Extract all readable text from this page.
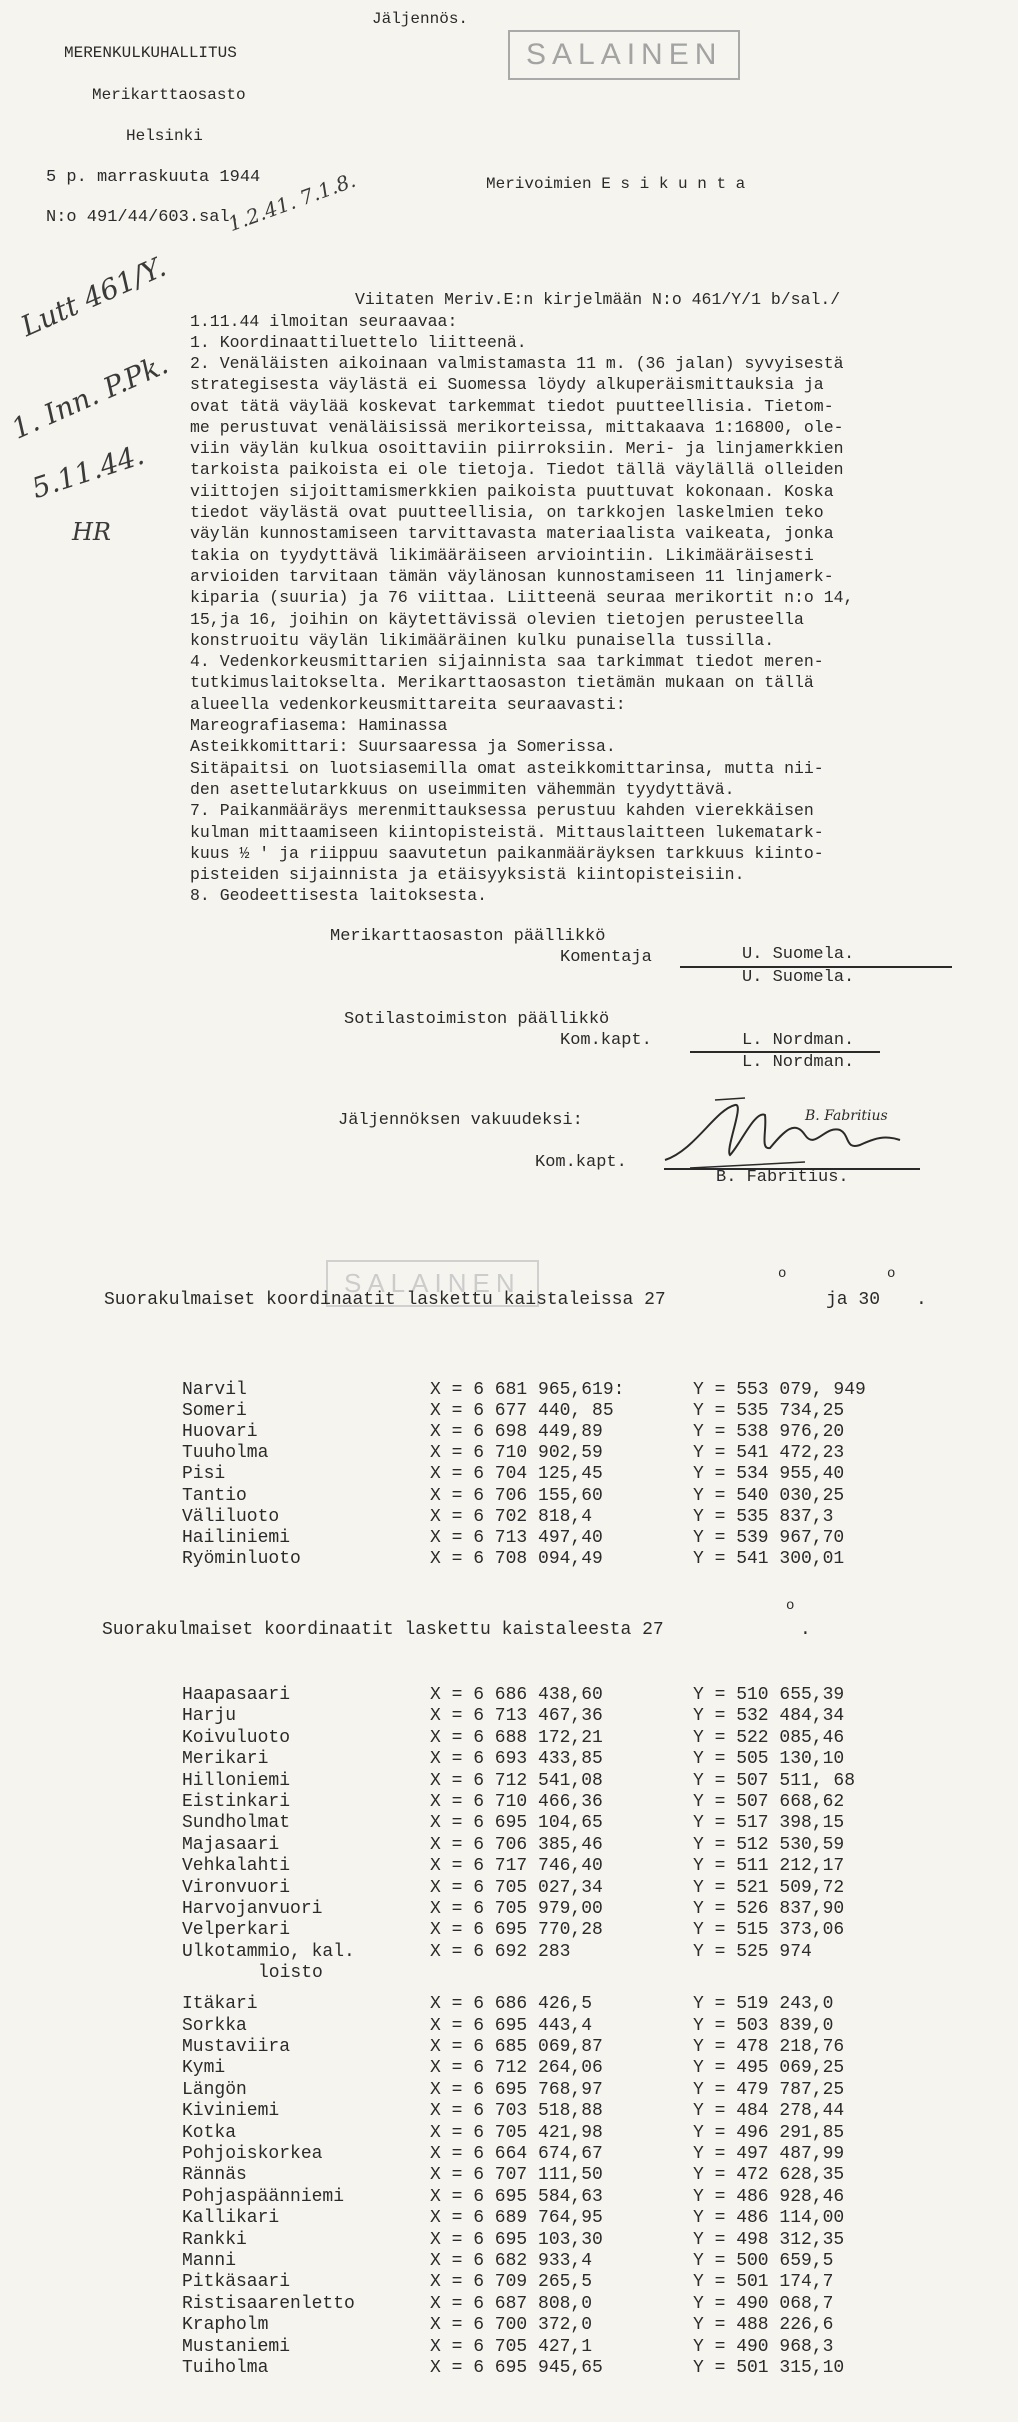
Jäljennös.
SALAINEN
MERENKULKUHALLITUS
Merikarttaosasto
Helsinki
5 p. marraskuuta 1944	Merivoimien E s i k u n t a
N:o 491/44/603.sal.
Lutt 461/Y.
1.2.41. 7.1.8.
1. Inn. P.Pk.
5.11.44.
HR
Viitaten Meriv.E:n kirjelmään N:o 461/Y/1 b/sal./
1.11.44 ilmoitan seuraavaa:
1. Koordinaattiluettelo liitteenä.
2. Venäläisten aikoinaan valmistamasta 11 m. (36 jalan) syvyisestä
strategisesta väylästä ei Suomessa löydy alkuperäismittauksia ja
ovat tätä väylää koskevat tarkemmat tiedot puutteellisia. Tietom-
me perustuvat venäläisissä merikorteissa, mittakaava 1:16800, ole-
viin väylän kulkua osoittaviin piirroksiin. Meri- ja linjamerkkien
tarkoista paikoista ei ole tietoja. Tiedot tällä väylällä olleiden
viittojen sijoittamismerkkien paikoista puuttuvat kokonaan. Koska
tiedot väylästä ovat puutteellisia, on tarkkojen laskelmien teko
väylän kunnostamiseen tarvittavasta materiaalista vaikeata, jonka
takia on tyydyttävä likimääräiseen arviointiin. Likimääräisesti
arvioiden tarvitaan tämän väylänosan kunnostamiseen 11 linjamerk-
kiparia (suuria) ja 76 viittaa. Liitteenä seuraa merikortit n:o 14,
15,ja 16, joihin on käytettävissä olevien tietojen perusteella
konstruoitu väylän likimääräinen kulku punaisella tussilla.
4. Vedenkorkeusmittarien sijainnista saa tarkimmat tiedot meren-
tutkimuslaitokselta. Merikarttaosaston tietämän mukaan on tällä
alueella vedenkorkeusmittareita seuraavasti:
Mareografiasema: Haminassa
Asteikkomittari: Suursaaressa ja Somerissa.
Sitäpaitsi on luotsiasemilla omat asteikkomittarinsa, mutta nii-
den asettelutarkkuus on useimmiten vähemmän tyydyttävä.
7. Paikanmääräys merenmittauksessa perustuu kahden vierekkäisen
kulman mittaamiseen kiintopisteistä. Mittauslaitteen lukematark-
kuus ½ ' ja riippuu saavutetun paikanmääräyksen tarkkuus kiinto-
pisteiden sijainnista ja etäisyyksistä kiintopisteisiin.
8. Geodeettisesta laitoksesta.
Merikarttaosaston päällikkö
Komentaja	U. Suomela.
U. Suomela.
Sotilastoimiston päällikkö
Kom.kapt.	L. Nordman.
L. Nordman.
Jäljennöksen vakuudeksi:
Kom.kapt.
B. Fabritius
B. Fabritius.
SALAINEN
Suorakulmaiset koordinaatit laskettu kaistaleissa 27
o
ja 30
o
.
Narvil	X = 6 681 965,619:	Y = 553 079, 949
Someri	X = 6 677 440, 85	Y = 535 734,25
Huovari	X = 6 698 449,89	Y = 538 976,20
Tuuholma	X = 6 710 902,59	Y = 541 472,23
Pisi	X = 6 704 125,45	Y = 534 955,40
Tantio	X = 6 706 155,60	Y = 540 030,25
Väliluoto	X = 6 702 818,4	Y = 535 837,3
Hailiniemi	X = 6 713 497,40	Y = 539 967,70
Ryöminluoto	X = 6 708 094,49	Y = 541 300,01
Suorakulmaiset koordinaatit laskettu kaistaleesta 27
o
.
Haapasaari	X = 6 686 438,60	Y = 510 655,39
Harju	X = 6 713 467,36	Y = 532 484,34
Koivuluoto	X = 6 688 172,21	Y = 522 085,46
Merikari	X = 6 693 433,85	Y = 505 130,10
Hilloniemi	X = 6 712 541,08	Y = 507 511, 68
Eistinkari	X = 6 710 466,36	Y = 507 668,62
Sundholmat	X = 6 695 104,65	Y = 517 398,15
Majasaari	X = 6 706 385,46	Y = 512 530,59
Vehkalahti	X = 6 717 746,40	Y = 511 212,17
Vironvuori	X = 6 705 027,34	Y = 521 509,72
Harvojanvuori	X = 6 705 979,00	Y = 526 837,90
Velperkari	X = 6 695 770,28	Y = 515 373,06
Ulkotammio, kal.	X = 6 692 283	Y = 525 974
loisto
Itäkari	X = 6 686 426,5	Y = 519 243,0
Sorkka	X = 6 695 443,4	Y = 503 839,0
Mustaviira	X = 6 685 069,87	Y = 478 218,76
Kymi	X = 6 712 264,06	Y = 495 069,25
Längön	X = 6 695 768,97	Y = 479 787,25
Kiviniemi	X = 6 703 518,88	Y = 484 278,44
Kotka	X = 6 705 421,98	Y = 496 291,85
Pohjoiskorkea	X = 6 664 674,67	Y = 497 487,99
Rännäs	X = 6 707 111,50	Y = 472 628,35
Pohjaspäänniemi	X = 6 695 584,63	Y = 486 928,46
Kallikari	X = 6 689 764,95	Y = 486 114,00
Rankki	X = 6 695 103,30	Y = 498 312,35
Manni	X = 6 682 933,4	Y = 500 659,5
Pitkäsaari	X = 6 709 265,5	Y = 501 174,7
Ristisaarenletto	X = 6 687 808,0	Y = 490 068,7
Krapholm	X = 6 700 372,0	Y = 488 226,6
Mustaniemi	X = 6 705 427,1	Y = 490 968,3
Tuiholma	X = 6 695 945,65	Y = 501 315,10
